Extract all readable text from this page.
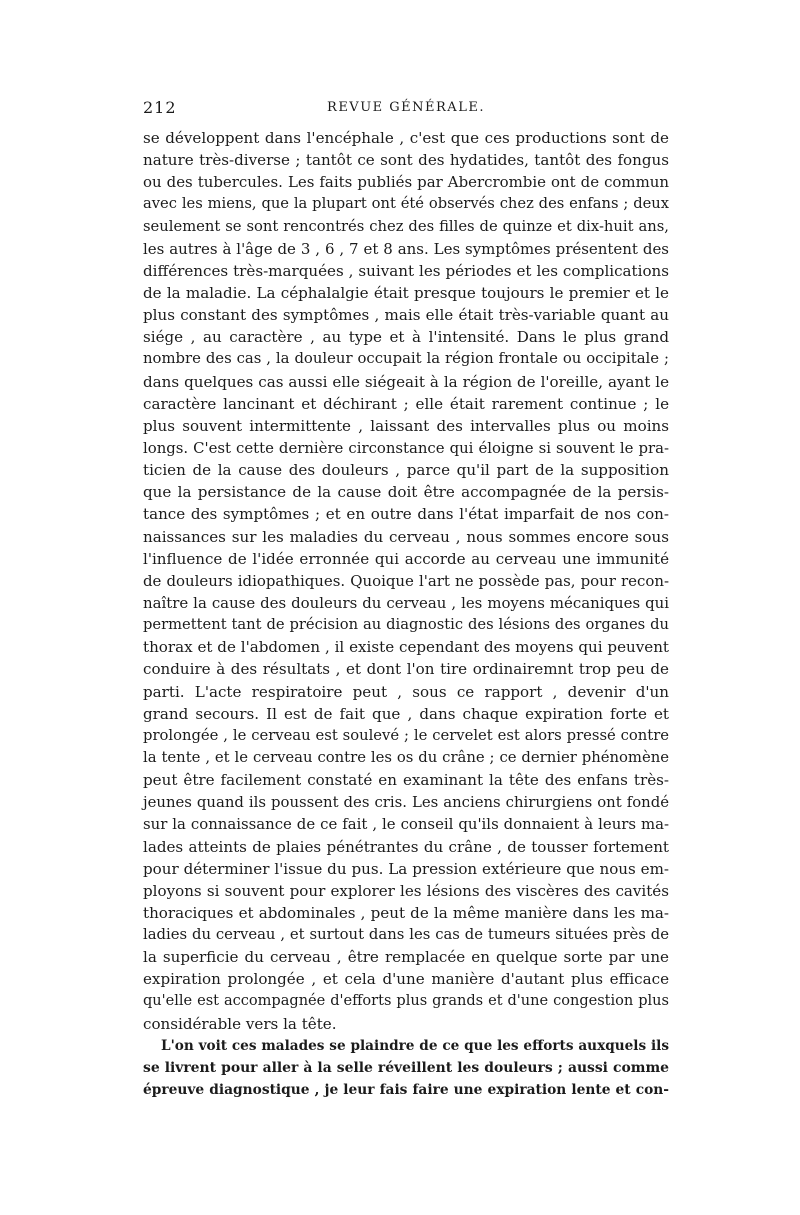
212	REVUE GÉNÉRALE.
se développent dans l'encéphale , c'est que ces productions sont de
nature très-diverse ; tantôt ce sont des hydatides, tantôt des fongus
ou des tubercules. Les faits publiés par Abercrombie ont de commun
avec les miens, que la plupart ont été observés chez des enfans ; deux
seulement se sont rencontrés chez des filles de quinze et dix-huit ans,
les autres à l'âge de 3 , 6 , 7 et 8 ans. Les symptômes présentent des
différences très-marquées , suivant les périodes et les complications
de la maladie. La céphalalgie était presque toujours le premier et le
plus constant des symptômes , mais elle était très-variable quant au
siége , au caractère , au type et à l'intensité. Dans le plus grand
nombre des cas , la douleur occupait la région frontale ou occipitale ;
dans quelques cas aussi elle siégeait à la région de l'oreille, ayant le
caractère lancinant et déchirant ; elle était rarement continue ; le
plus souvent intermittente , laissant des intervalles plus ou moins
longs. C'est cette dernière circonstance qui éloigne si souvent le pra-
ticien de la cause des douleurs , parce qu'il part de la supposition
que la persistance de la cause doit être accompagnée de la persis-
tance des symptômes ; et en outre dans l'état imparfait de nos con-
naissances sur les maladies du cerveau , nous sommes encore sous
l'influence de l'idée erronnée qui accorde au cerveau une immunité
de douleurs idiopathiques. Quoique l'art ne possède pas, pour recon-
naître la cause des douleurs du cerveau , les moyens mécaniques qui
permettent tant de précision au diagnostic des lésions des organes du
thorax et de l'abdomen , il existe cependant des moyens qui peuvent
conduire à des résultats , et dont l'on tire ordinairemnt trop peu de
parti. L'acte respiratoire peut , sous ce rapport , devenir d'un
grand secours. Il est de fait que , dans chaque expiration forte et
prolongée , le cerveau est soulevé ; le cervelet est alors pressé contre
la tente , et le cerveau contre les os du crâne ; ce dernier phénomène
peut être facilement constaté en examinant la tête des enfans très-
jeunes quand ils poussent des cris. Les anciens chirurgiens ont fondé
sur la connaissance de ce fait , le conseil qu'ils donnaient à leurs ma-
lades atteints de plaies pénétrantes du crâne , de tousser fortement
pour déterminer l'issue du pus. La pression extérieure que nous em-
ployons si souvent pour explorer les lésions des viscères des cavités
thoraciques et abdominales , peut de la même manière dans les ma-
ladies du cerveau , et surtout dans les cas de tumeurs situées près de
la superficie du cerveau , être remplacée en quelque sorte par une
expiration prolongée , et cela d'une manière d'autant plus efficace
qu'elle est accompagnée d'efforts plus grands et d'une congestion plus
considérable vers la tête.
L'on voit ces malades se plaindre de ce que les efforts auxquels ils
se livrent pour aller à la selle réveillent les douleurs ; aussi comme
épreuve diagnostique , je leur fais faire une expiration lente et con-
